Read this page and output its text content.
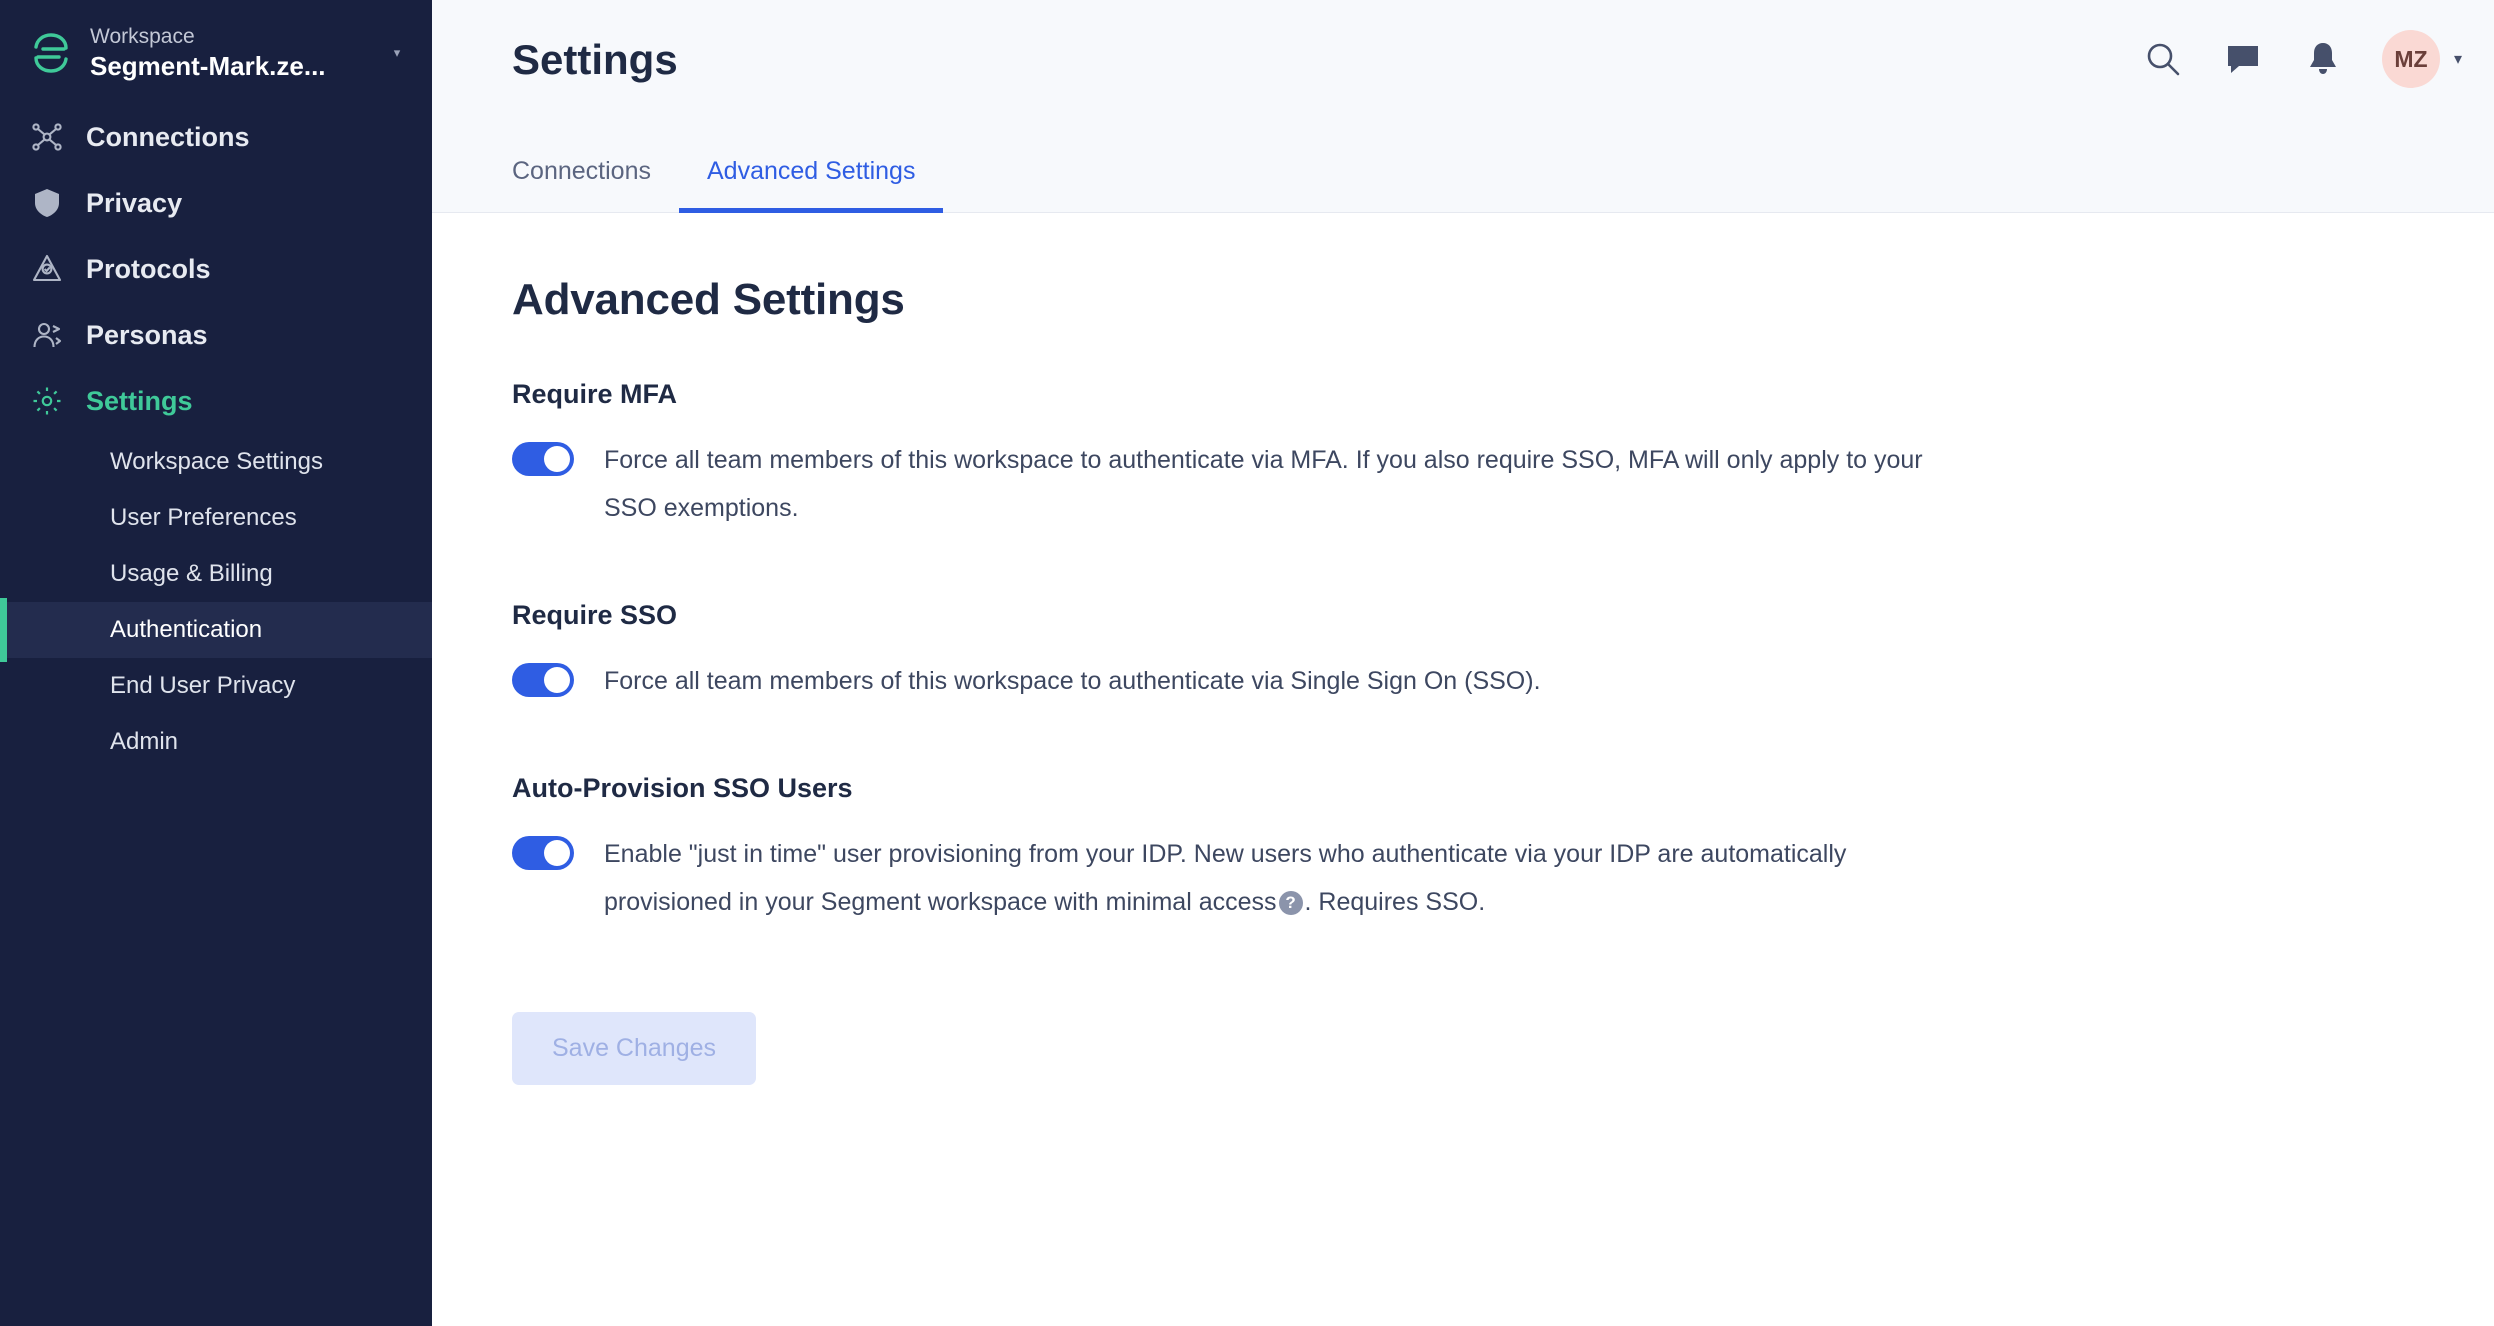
Workspace
Segment-Mark.ze...	▾
Connections
Privacy
Protocols
Personas
Settings
Workspace Settings
User Preferences
Usage & Billing
Authentication
End User Privacy
Admin
Settings	MZ	▾
Connections	Advanced Settings
Advanced Settings
Require MFA
Force all team members of this workspace to authenticate via MFA. If you also require SSO, MFA will only apply to your SSO exemptions.
Require SSO
Force all team members of this workspace to authenticate via Single Sign On (SSO).
Auto-Provision SSO Users
Enable "just in time" user provisioning from your IDP. New users who authenticate via your IDP are automatically provisioned in your Segment workspace with minimal access ? . Requires SSO.
Save Changes
